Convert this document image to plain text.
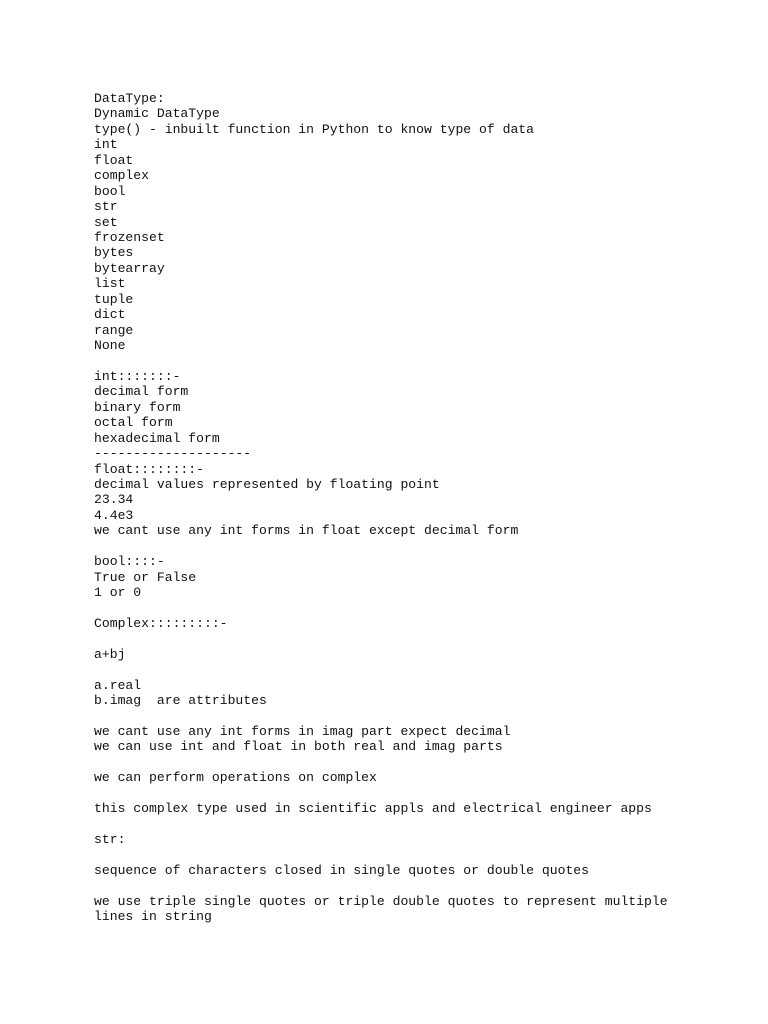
DataType:
Dynamic DataType
type() - inbuilt function in Python to know type of data
int
float
complex
bool
str
set
frozenset
bytes
bytearray
list
tuple
dict
range
None
int:::::::-
decimal form
binary form
octal form
hexadecimal form
--------------------
float::::::::-
decimal values represented by floating point
23.34
4.4e3
we cant use any int forms in float except decimal form
bool::::-
True or False
1 or 0
Complex:::::::::-
a+bj
a.real
b.imag  are attributes
we cant use any int forms in imag part expect decimal
we can use int and float in both real and imag parts
we can perform operations on complex
this complex type used in scientific appls and electrical engineer apps
str:
sequence of characters closed in single quotes or double quotes
we use triple single quotes or triple double quotes to represent multiple
lines in string
